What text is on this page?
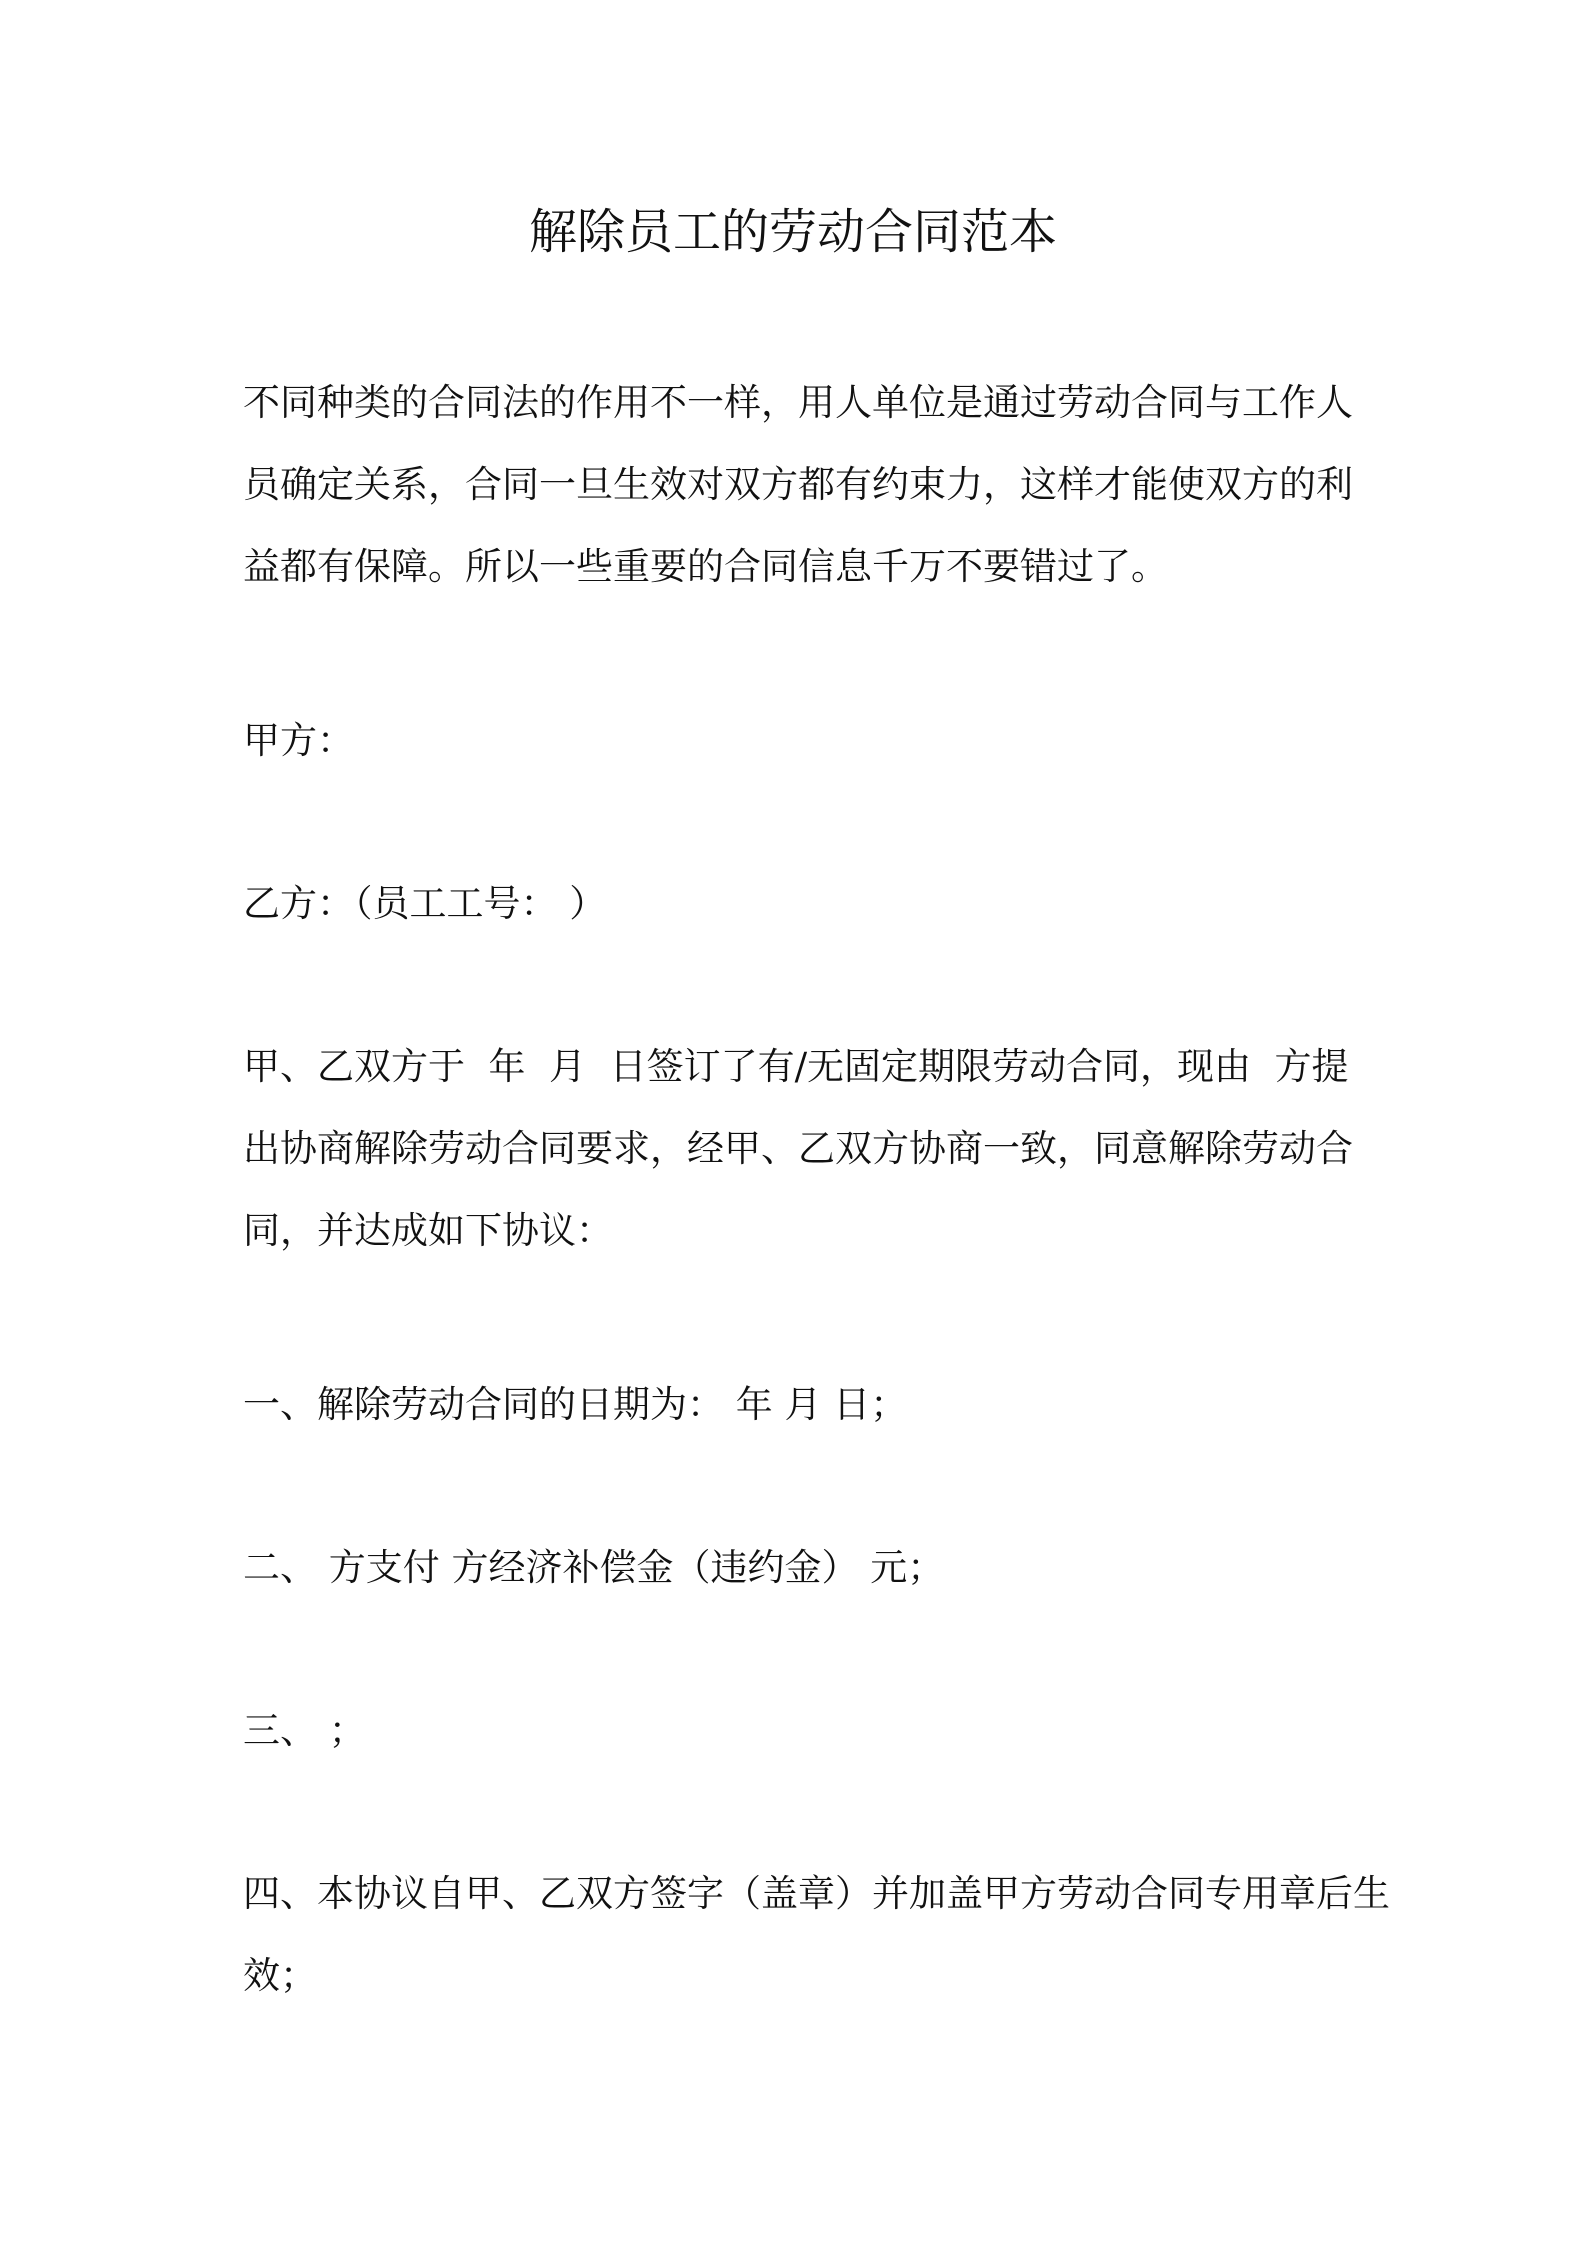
解除员工的劳动合同范本

不同种类的合同法的作用不一样，用人单位是通过劳动合同与工作人
员确定关系，合同一旦生效对双方都有约束力，这样才能使双方的利
益都有保障。所以一些重要的合同信息千万不要错过了。

甲方：

乙方：（员工工号： ）

甲、乙双方于  年  月  日签订了有/无固定期限劳动合同，现由  方提
出协商解除劳动合同要求，经甲、乙双方协商一致，同意解除劳动合
同，并达成如下协议：

一、解除劳动合同的日期为： 年 月 日；

二、 方支付 方经济补偿金（违约金） 元；

三、 ；

四、本协议自甲、乙双方签字（盖章）并加盖甲方劳动合同专用章后生
效；
